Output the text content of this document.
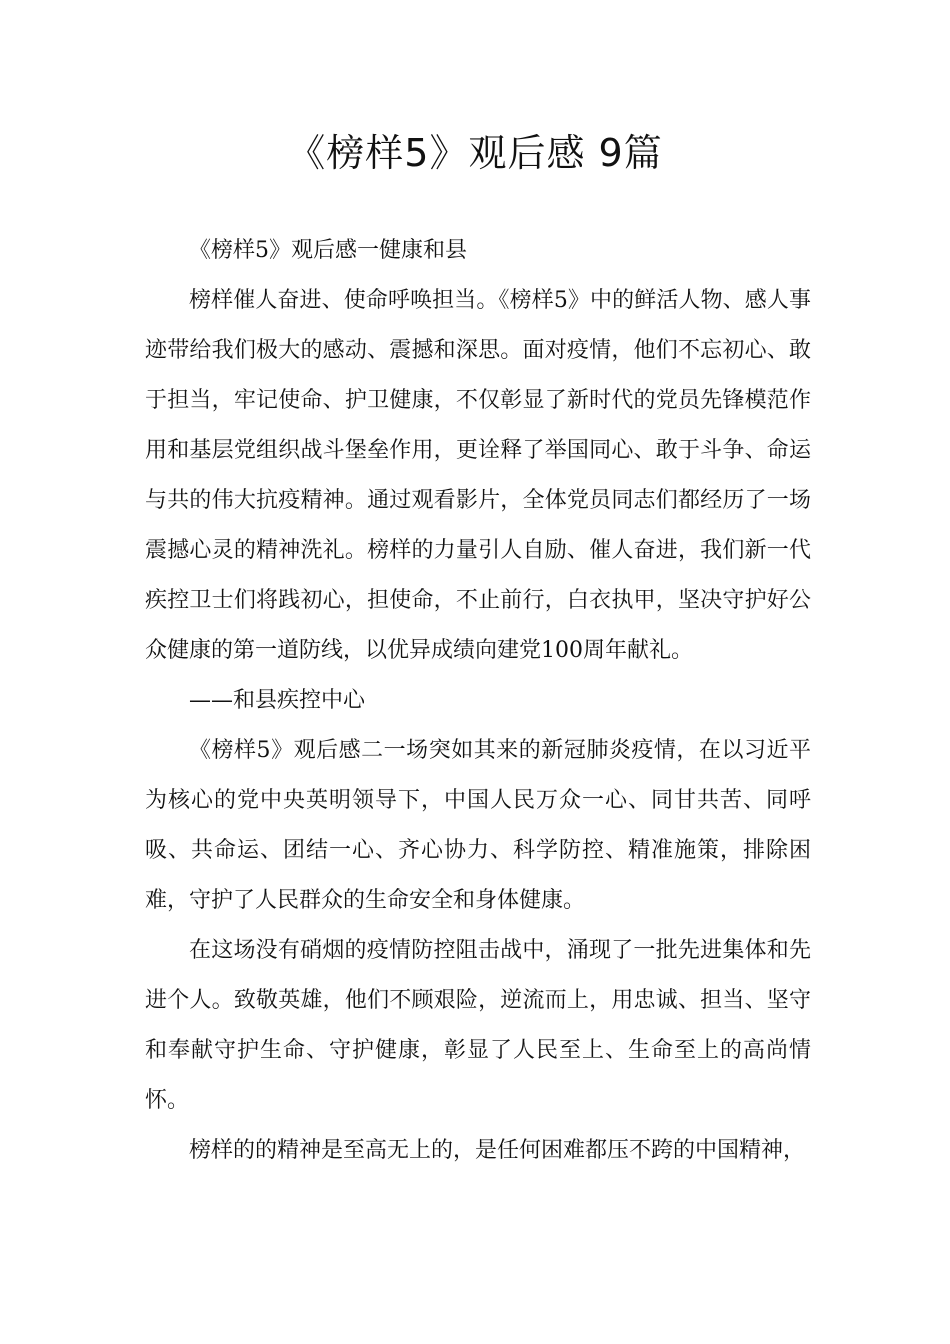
《榜样5》观后感 9篇

《榜样5》观后感一健康和县

榜样催人奋进、使命呼唤担当。《榜样5》中的鲜活人物、感人事迹带给我们极大的感动、震撼和深思。面对疫情，他们不忘初心、敢于担当，牢记使命、护卫健康，不仅彰显了新时代的党员先锋模范作用和基层党组织战斗堡垒作用，更诠释了举国同心、敢于斗争、命运与共的伟大抗疫精神。通过观看影片，全体党员同志们都经历了一场震撼心灵的精神洗礼。榜样的力量引人自励、催人奋进，我们新一代疾控卫士们将践初心，担使命，不止前行，白衣执甲，坚决守护好公众健康的第一道防线，以优异成绩向建党100周年献礼。

——和县疾控中心

《榜样5》观后感二一场突如其来的新冠肺炎疫情，在以习近平为核心的党中央英明领导下，中国人民万众一心、同甘共苦、同呼吸、共命运、团结一心、齐心协力、科学防控、精准施策，排除困难，守护了人民群众的生命安全和身体健康。

在这场没有硝烟的疫情防控阻击战中，涌现了一批先进集体和先进个人。致敬英雄，他们不顾艰险，逆流而上，用忠诚、担当、坚守和奉献守护生命、守护健康，彰显了人民至上、生命至上的高尚情怀。

榜样的的精神是至高无上的，是任何困难都压不跨的中国精神，
